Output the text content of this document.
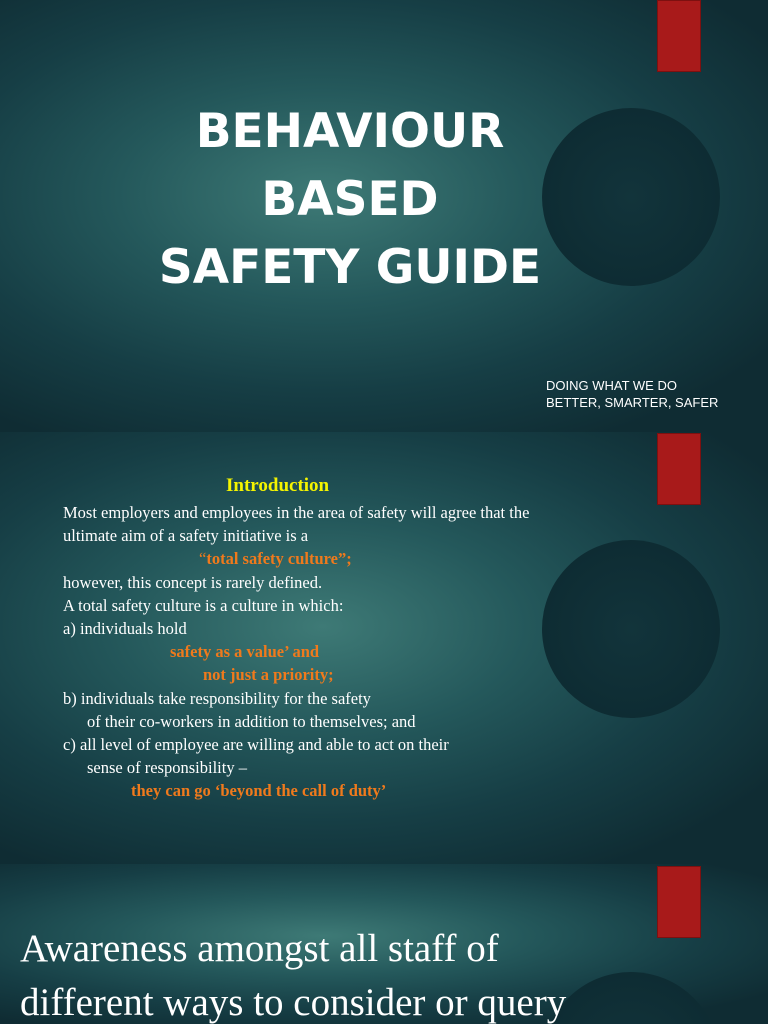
BEHAVIOUR
BASED
SAFETY GUIDE
DOING WHAT WE DO
BETTER, SMARTER, SAFER
Introduction
Most employers and employees in the area of safety will agree that the
ultimate aim of a safety initiative is a
“total safety culture”;
however, this concept is rarely defined.
A total safety culture is a culture in which:
a) individuals hold
safety as a value’ and
not just a priority;
b) individuals take responsibility for the safety
of their co-workers in addition to themselves; and
c) all level of employee are willing and able to act on their
sense of responsibility –
they can go ‘beyond the call of duty’
Awareness amongst all staff of
different ways to consider or query
